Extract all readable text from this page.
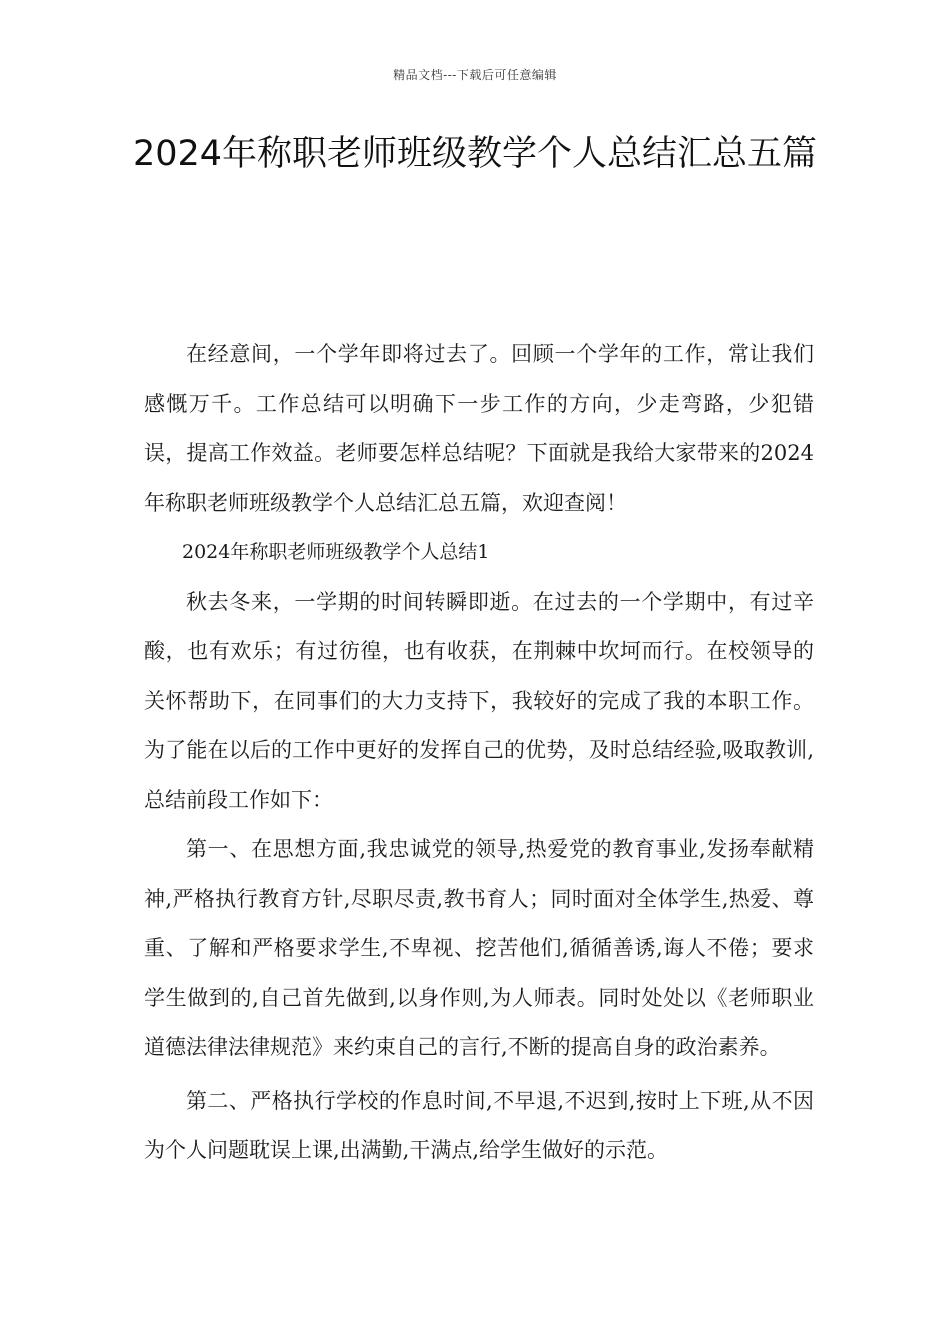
精品文档---下载后可任意编辑
2024年称职老师班级教学个人总结汇总五篇

在经意间，一个学年即将过去了。回顾一个学年的工作，常让我们感慨万千。工作总结可以明确下一步工作的方向，少走弯路，少犯错误，提高工作效益。老师要怎样总结呢？下面就是我给大家带来的2024年称职老师班级教学个人总结汇总五篇，欢迎查阅！

2024年称职老师班级教学个人总结1

秋去冬来，一学期的时间转瞬即逝。在过去的一个学期中，有过辛酸，也有欢乐；有过彷徨，也有收获，在荆棘中坎坷而行。在校领导的关怀帮助下，在同事们的大力支持下，我较好的完成了我的本职工作。为了能在以后的工作中更好的发挥自己的优势，及时总结经验,吸取教训,总结前段工作如下：

第一、在思想方面,我忠诚党的领导,热爱党的教育事业,发扬奉献精神,严格执行教育方针,尽职尽责,教书育人；同时面对全体学生,热爱、尊重、了解和严格要求学生,不卑视、挖苦他们,循循善诱,诲人不倦；要求学生做到的,自己首先做到,以身作则,为人师表。同时处处以《老师职业道德法律法律规范》来约束自己的言行,不断的提高自身的政治素养。

第二、严格执行学校的作息时间,不早退,不迟到,按时上下班,从不因为个人问题耽误上课,出满勤,干满点,给学生做好的示范。
